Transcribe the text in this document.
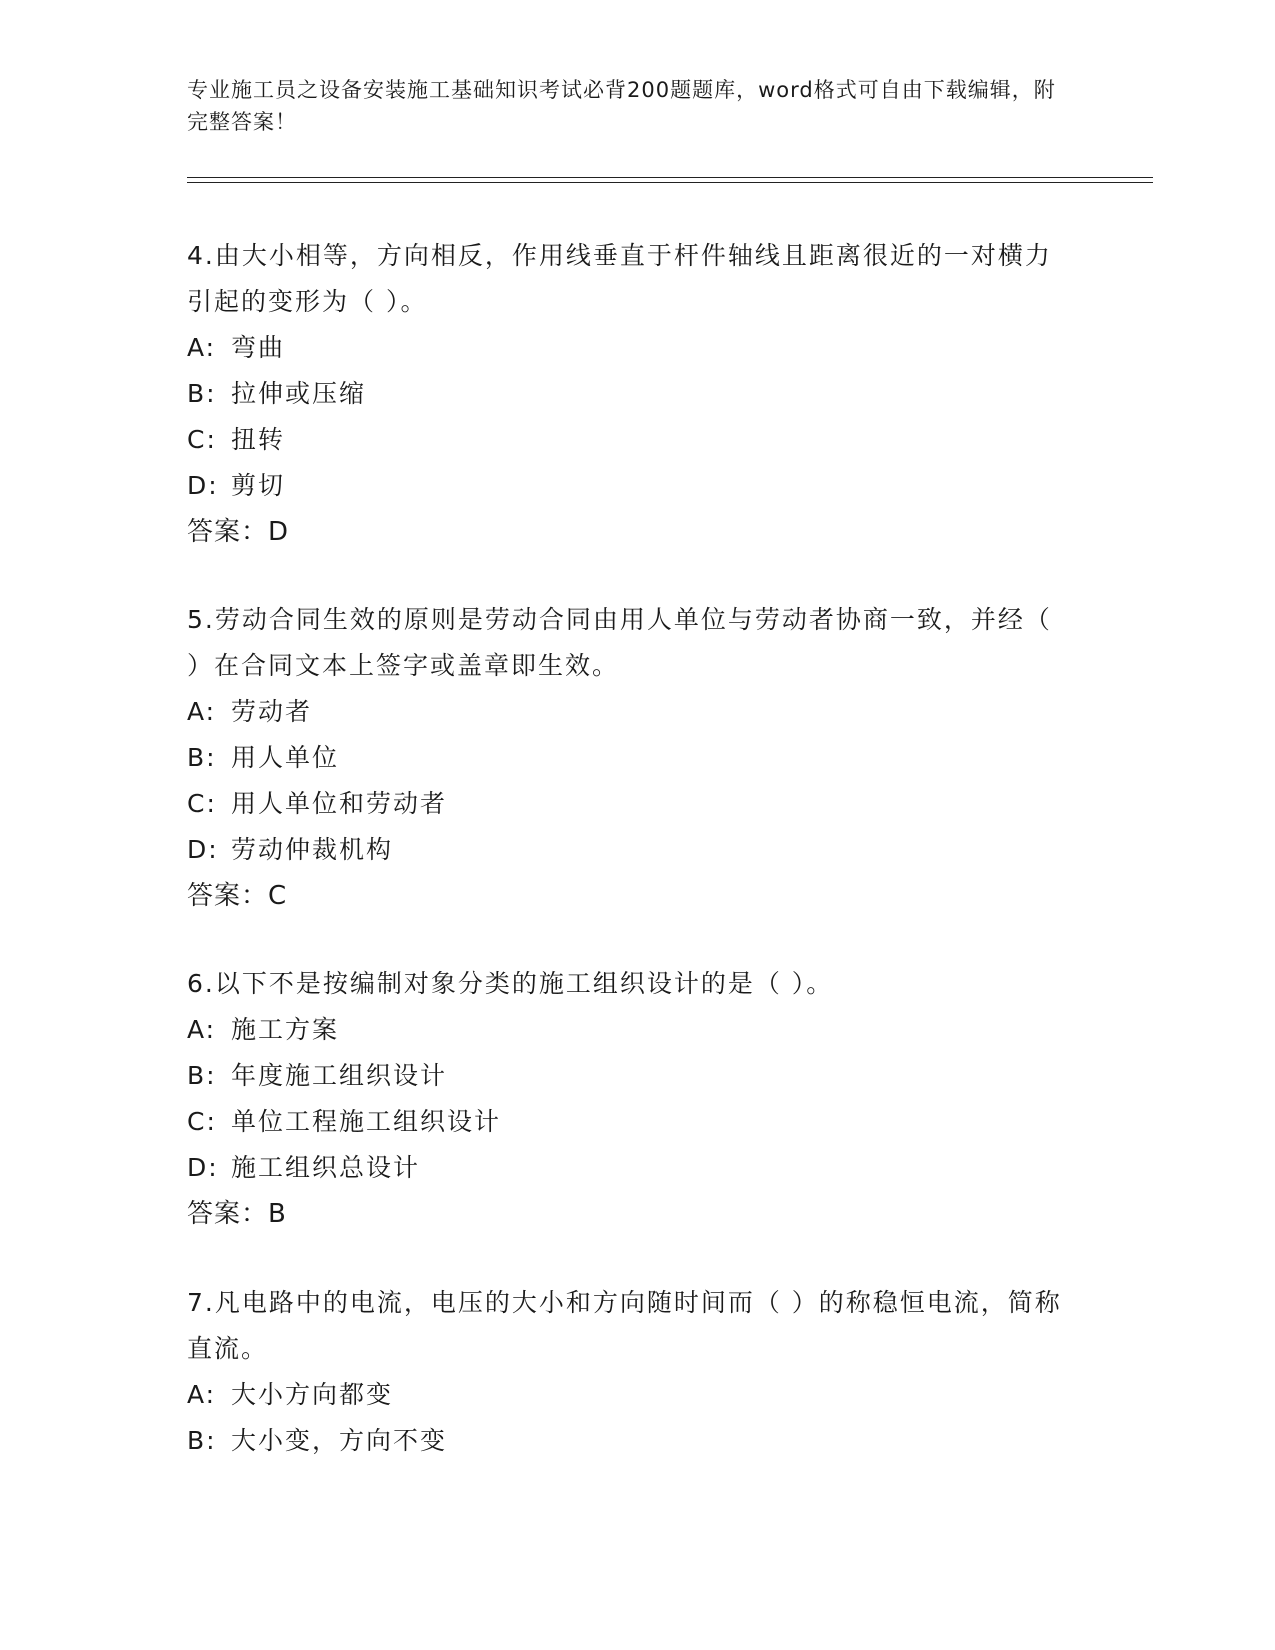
专业施工员之设备安装施工基础知识考试必背200题题库，word格式可自由下载编辑，附完整答案！

4.由大小相等，方向相反，作用线垂直于杆件轴线且距离很近的一对横力引起的变形为（ ）。

A: 弯曲

B: 拉伸或压缩

C: 扭转

D: 剪切

答案：D

5.劳动合同生效的原则是劳动合同由用人单位与劳动者协商一致，并经（ ）在合同文本上签字或盖章即生效。

A: 劳动者

B: 用人单位

C: 用人单位和劳动者

D: 劳动仲裁机构

答案：C

6.以下不是按编制对象分类的施工组织设计的是（ ）。

A: 施工方案

B: 年度施工组织设计

C: 单位工程施工组织设计

D: 施工组织总设计

答案：B

7.凡电路中的电流，电压的大小和方向随时间而（ ）的称稳恒电流，简称直流。

A: 大小方向都变

B: 大小变，方向不变
